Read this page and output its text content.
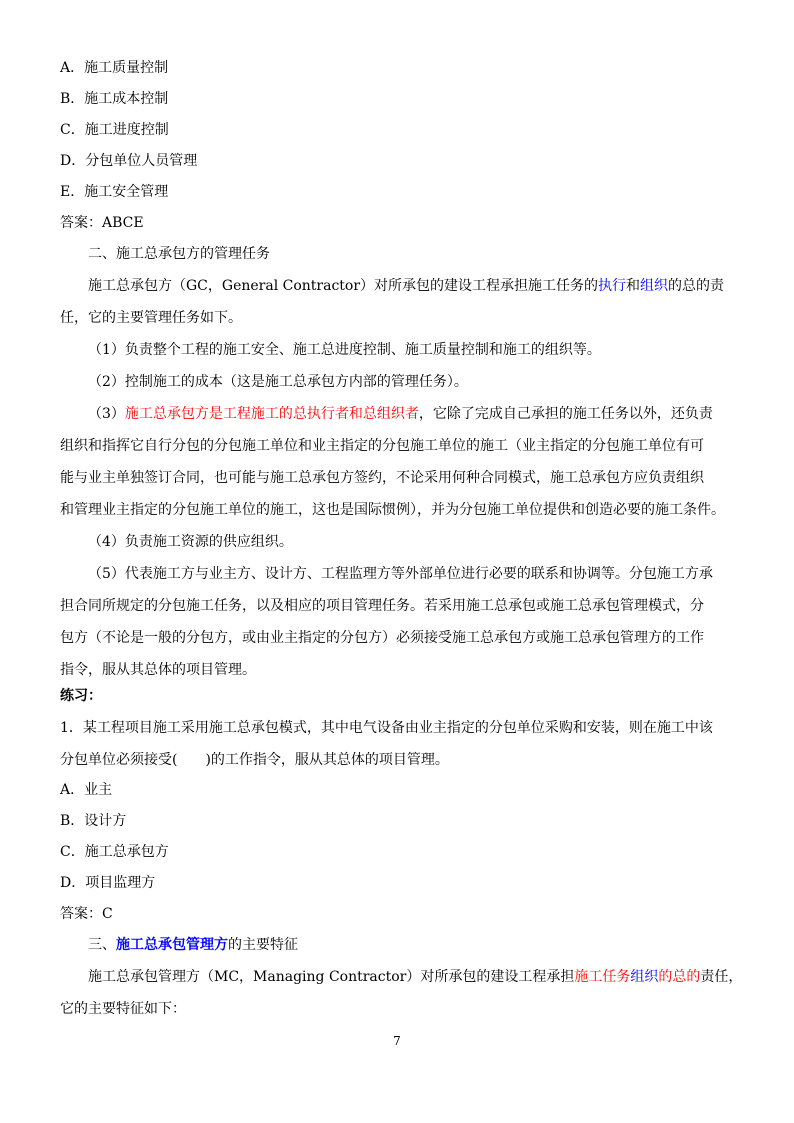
A．施工质量控制
B．施工成本控制
C．施工进度控制
D．分包单位人员管理
E．施工安全管理
答案：ABCE
二、施工总承包方的管理任务
施工总承包方（GC，General Contractor）对所承包的建设工程承担施工任务的执行和组织的总的责
任，它的主要管理任务如下。
（1）负责整个工程的施工安全、施工总进度控制、施工质量控制和施工的组织等。
（2）控制施工的成本（这是施工总承包方内部的管理任务）。
（3）施工总承包方是工程施工的总执行者和总组织者，它除了完成自己承担的施工任务以外，还负责
组织和指挥它自行分包的分包施工单位和业主指定的分包施工单位的施工（业主指定的分包施工单位有可
能与业主单独签订合同，也可能与施工总承包方签约，不论采用何种合同模式，施工总承包方应负责组织
和管理业主指定的分包施工单位的施工，这也是国际惯例），并为分包施工单位提供和创造必要的施工条件。
（4）负责施工资源的供应组织。
（5）代表施工方与业主方、设计方、工程监理方等外部单位进行必要的联系和协调等。分包施工方承
担合同所规定的分包施工任务，以及相应的项目管理任务。若采用施工总承包或施工总承包管理模式，分
包方（不论是一般的分包方，或由业主指定的分包方）必须接受施工总承包方或施工总承包管理方的工作
指令，服从其总体的项目管理。
练习：
1．某工程项目施工采用施工总承包模式，其中电气设备由业主指定的分包单位采购和安装，则在施工中该
分包单位必须接受(　　)的工作指令，服从其总体的项目管理。
A．业主
B．设计方
C．施工总承包方
D．项目监理方
答案：C
三、施工总承包管理方的主要特征
施工总承包管理方（MC，Managing Contractor）对所承包的建设工程承担施工任务组织的总的责任，
它的主要特征如下：
7
